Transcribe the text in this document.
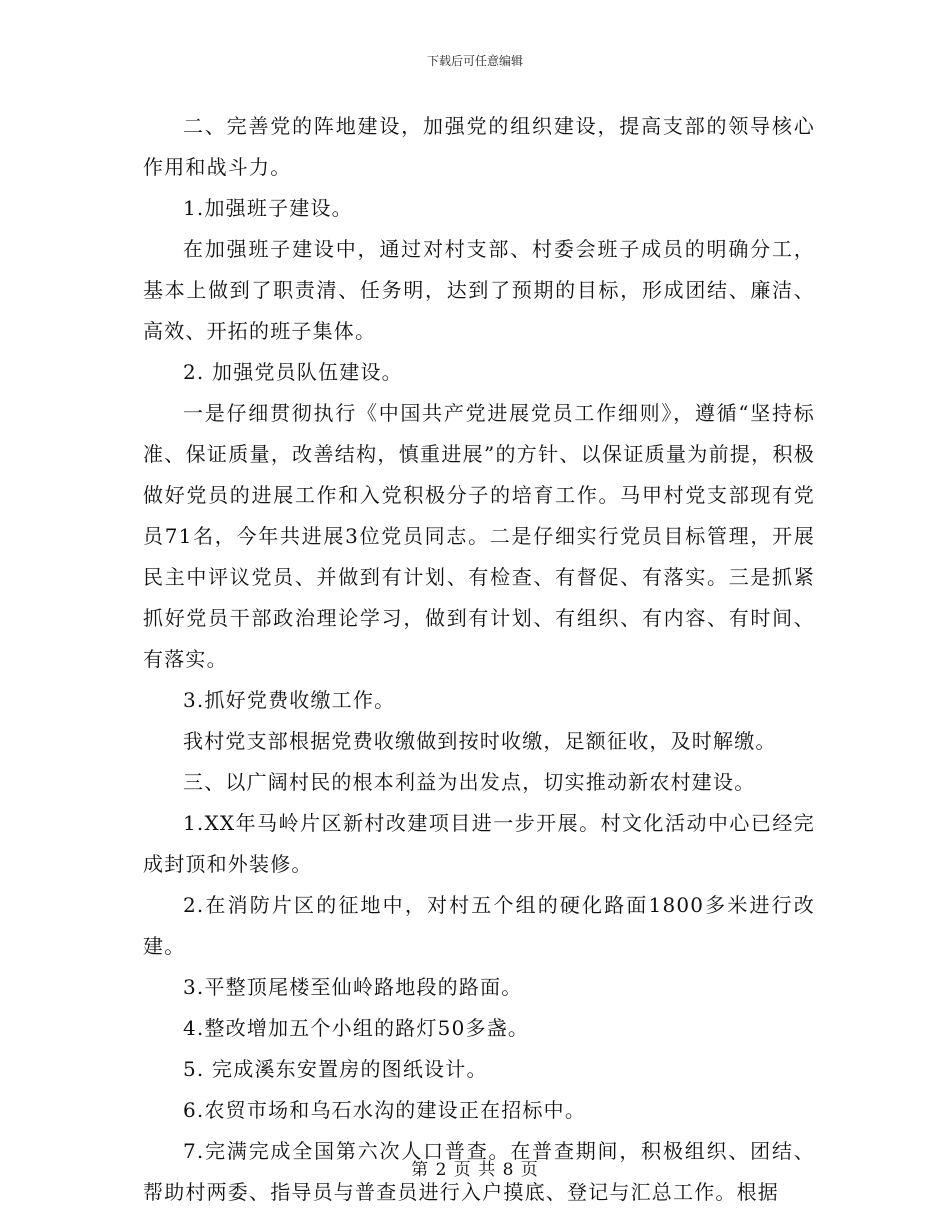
下载后可任意编辑

二、完善党的阵地建设，加强党的组织建设，提高支部的领导核心作用和战斗力。

1.加强班子建设。

在加强班子建设中，通过对村支部、村委会班子成员的明确分工，基本上做到了职责清、任务明，达到了预期的目标，形成团结、廉洁、高效、开拓的班子集体。

2. 加强党员队伍建设。

一是仔细贯彻执行《中国共产党进展党员工作细则》，遵循“坚持标准、保证质量，改善结构，慎重进展”的方针、以保证质量为前提，积极做好党员的进展工作和入党积极分子的培育工作。马甲村党支部现有党员71名，今年共进展3位党员同志。二是仔细实行党员目标管理，开展民主中评议党员、并做到有计划、有检查、有督促、有落实。三是抓紧抓好党员干部政治理论学习，做到有计划、有组织、有内容、有时间、有落实。

3.抓好党费收缴工作。

我村党支部根据党费收缴做到按时收缴，足额征收，及时解缴。

三、以广阔村民的根本利益为出发点，切实推动新农村建设。

1.XX年马岭片区新村改建项目进一步开展。村文化活动中心已经完成封顶和外装修。

2.在消防片区的征地中，对村五个组的硬化路面1800多米进行改建。

3.平整顶尾楼至仙岭路地段的路面。

4.整改增加五个小组的路灯50多盏。

5. 完成溪东安置房的图纸设计。

6.农贸市场和乌石水沟的建设正在招标中。

7.完满完成全国第六次人口普查。在普查期间，积极组织、团结、帮助村两委、指导员与普查员进行入户摸底、登记与汇总工作。根据

第 2 页 共 8 页
